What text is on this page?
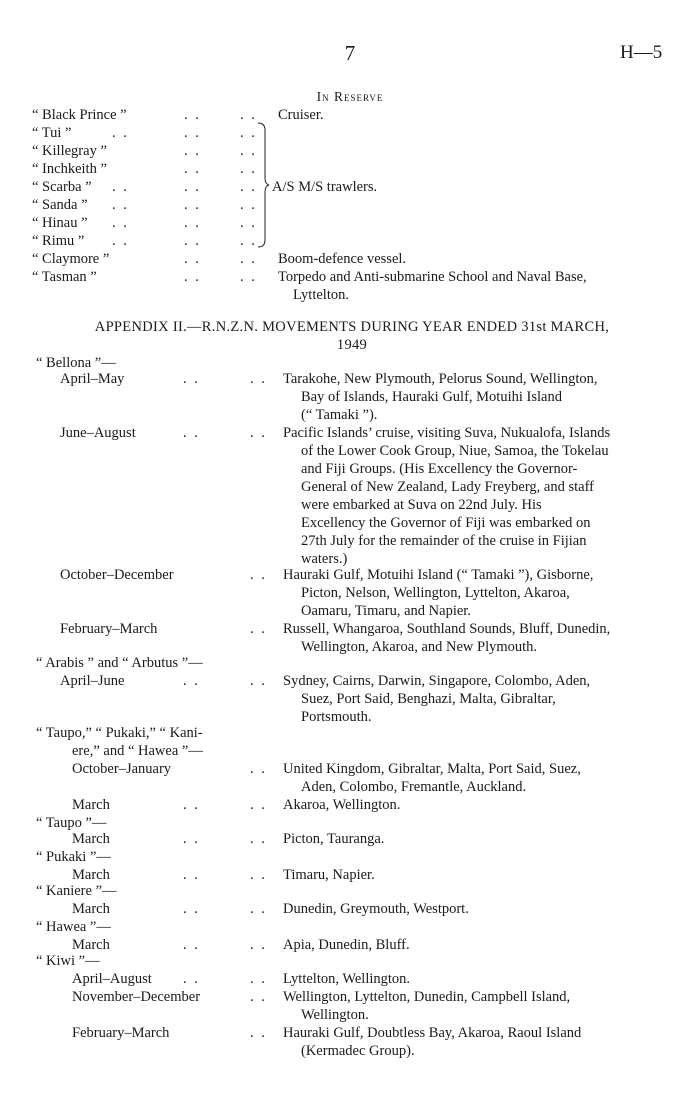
7	H—5
In Reserve
“ Black Prince ”	. .	. . Cruiser.
“ Tui ”	. .	. .	. .
“ Killegray ”	. .	. .
“ Inchkeith ”	. .	. .
“ Scarba ” . .	. .	. .
“ Sanda ” . .	. .	. .
“ Hinau ” . .	. .	. .
“ Rimu ” . .	. .	. .
A/S M/S trawlers.
“ Claymore ”	. .	. . Boom-defence vessel.
“ Tasman ”	. .	. . Torpedo and Anti-submarine School and Naval Base,
Lyttelton.
APPENDIX II.—R.N.Z.N. MOVEMENTS DURING YEAR ENDED 31st MARCH,
1949
“ Bellona ”—
April–May	. .	. . Tarakohe, New Plymouth, Pelorus Sound, Wellington,
Bay of Islands, Hauraki Gulf, Motuihi Island
(“ Tamaki ”).
June–August	. .	. . Pacific Islands’ cruise, visiting Suva, Nukualofa, Islands
of the Lower Cook Group, Niue, Samoa, the Tokelau
and Fiji Groups. (His Excellency the Governor-
General of New Zealand, Lady Freyberg, and staff
were embarked at Suva on 22nd July. His
Excellency the Governor of Fiji was embarked on
27th July for the remainder of the cruise in Fijian
waters.)
October–December	. . Hauraki Gulf, Motuihi Island (“ Tamaki ”), Gisborne,
Picton, Nelson, Wellington, Lyttelton, Akaroa,
Oamaru, Timaru, and Napier.
February–March	. . Russell, Whangaroa, Southland Sounds, Bluff, Dunedin,
Wellington, Akaroa, and New Plymouth.
“ Arabis ” and “ Arbutus ”—
April–June	. .	. . Sydney, Cairns, Darwin, Singapore, Colombo, Aden,
Suez, Port Said, Benghazi, Malta, Gibraltar,
Portsmouth.
“ Taupo,” “ Pukaki,” “ Kani-
ere,” and “ Hawea ”—
October–January	. . United Kingdom, Gibraltar, Malta, Port Said, Suez,
Aden, Colombo, Fremantle, Auckland.
March	. .	. . Akaroa, Wellington.
“ Taupo ”—
March	. .	. . Picton, Tauranga.
“ Pukaki ”—
March	. .	. . Timaru, Napier.
“ Kaniere ”—
March	. .	. . Dunedin, Greymouth, Westport.
“ Hawea ”—
March	. .	. . Apia, Dunedin, Bluff.
“ Kiwi ”—
April–August . .	. . Lyttelton, Wellington.
November–December	. . Wellington, Lyttelton, Dunedin, Campbell Island,
Wellington.
February–March	. . Hauraki Gulf, Doubtless Bay, Akaroa, Raoul Island
(Kermadec Group).
